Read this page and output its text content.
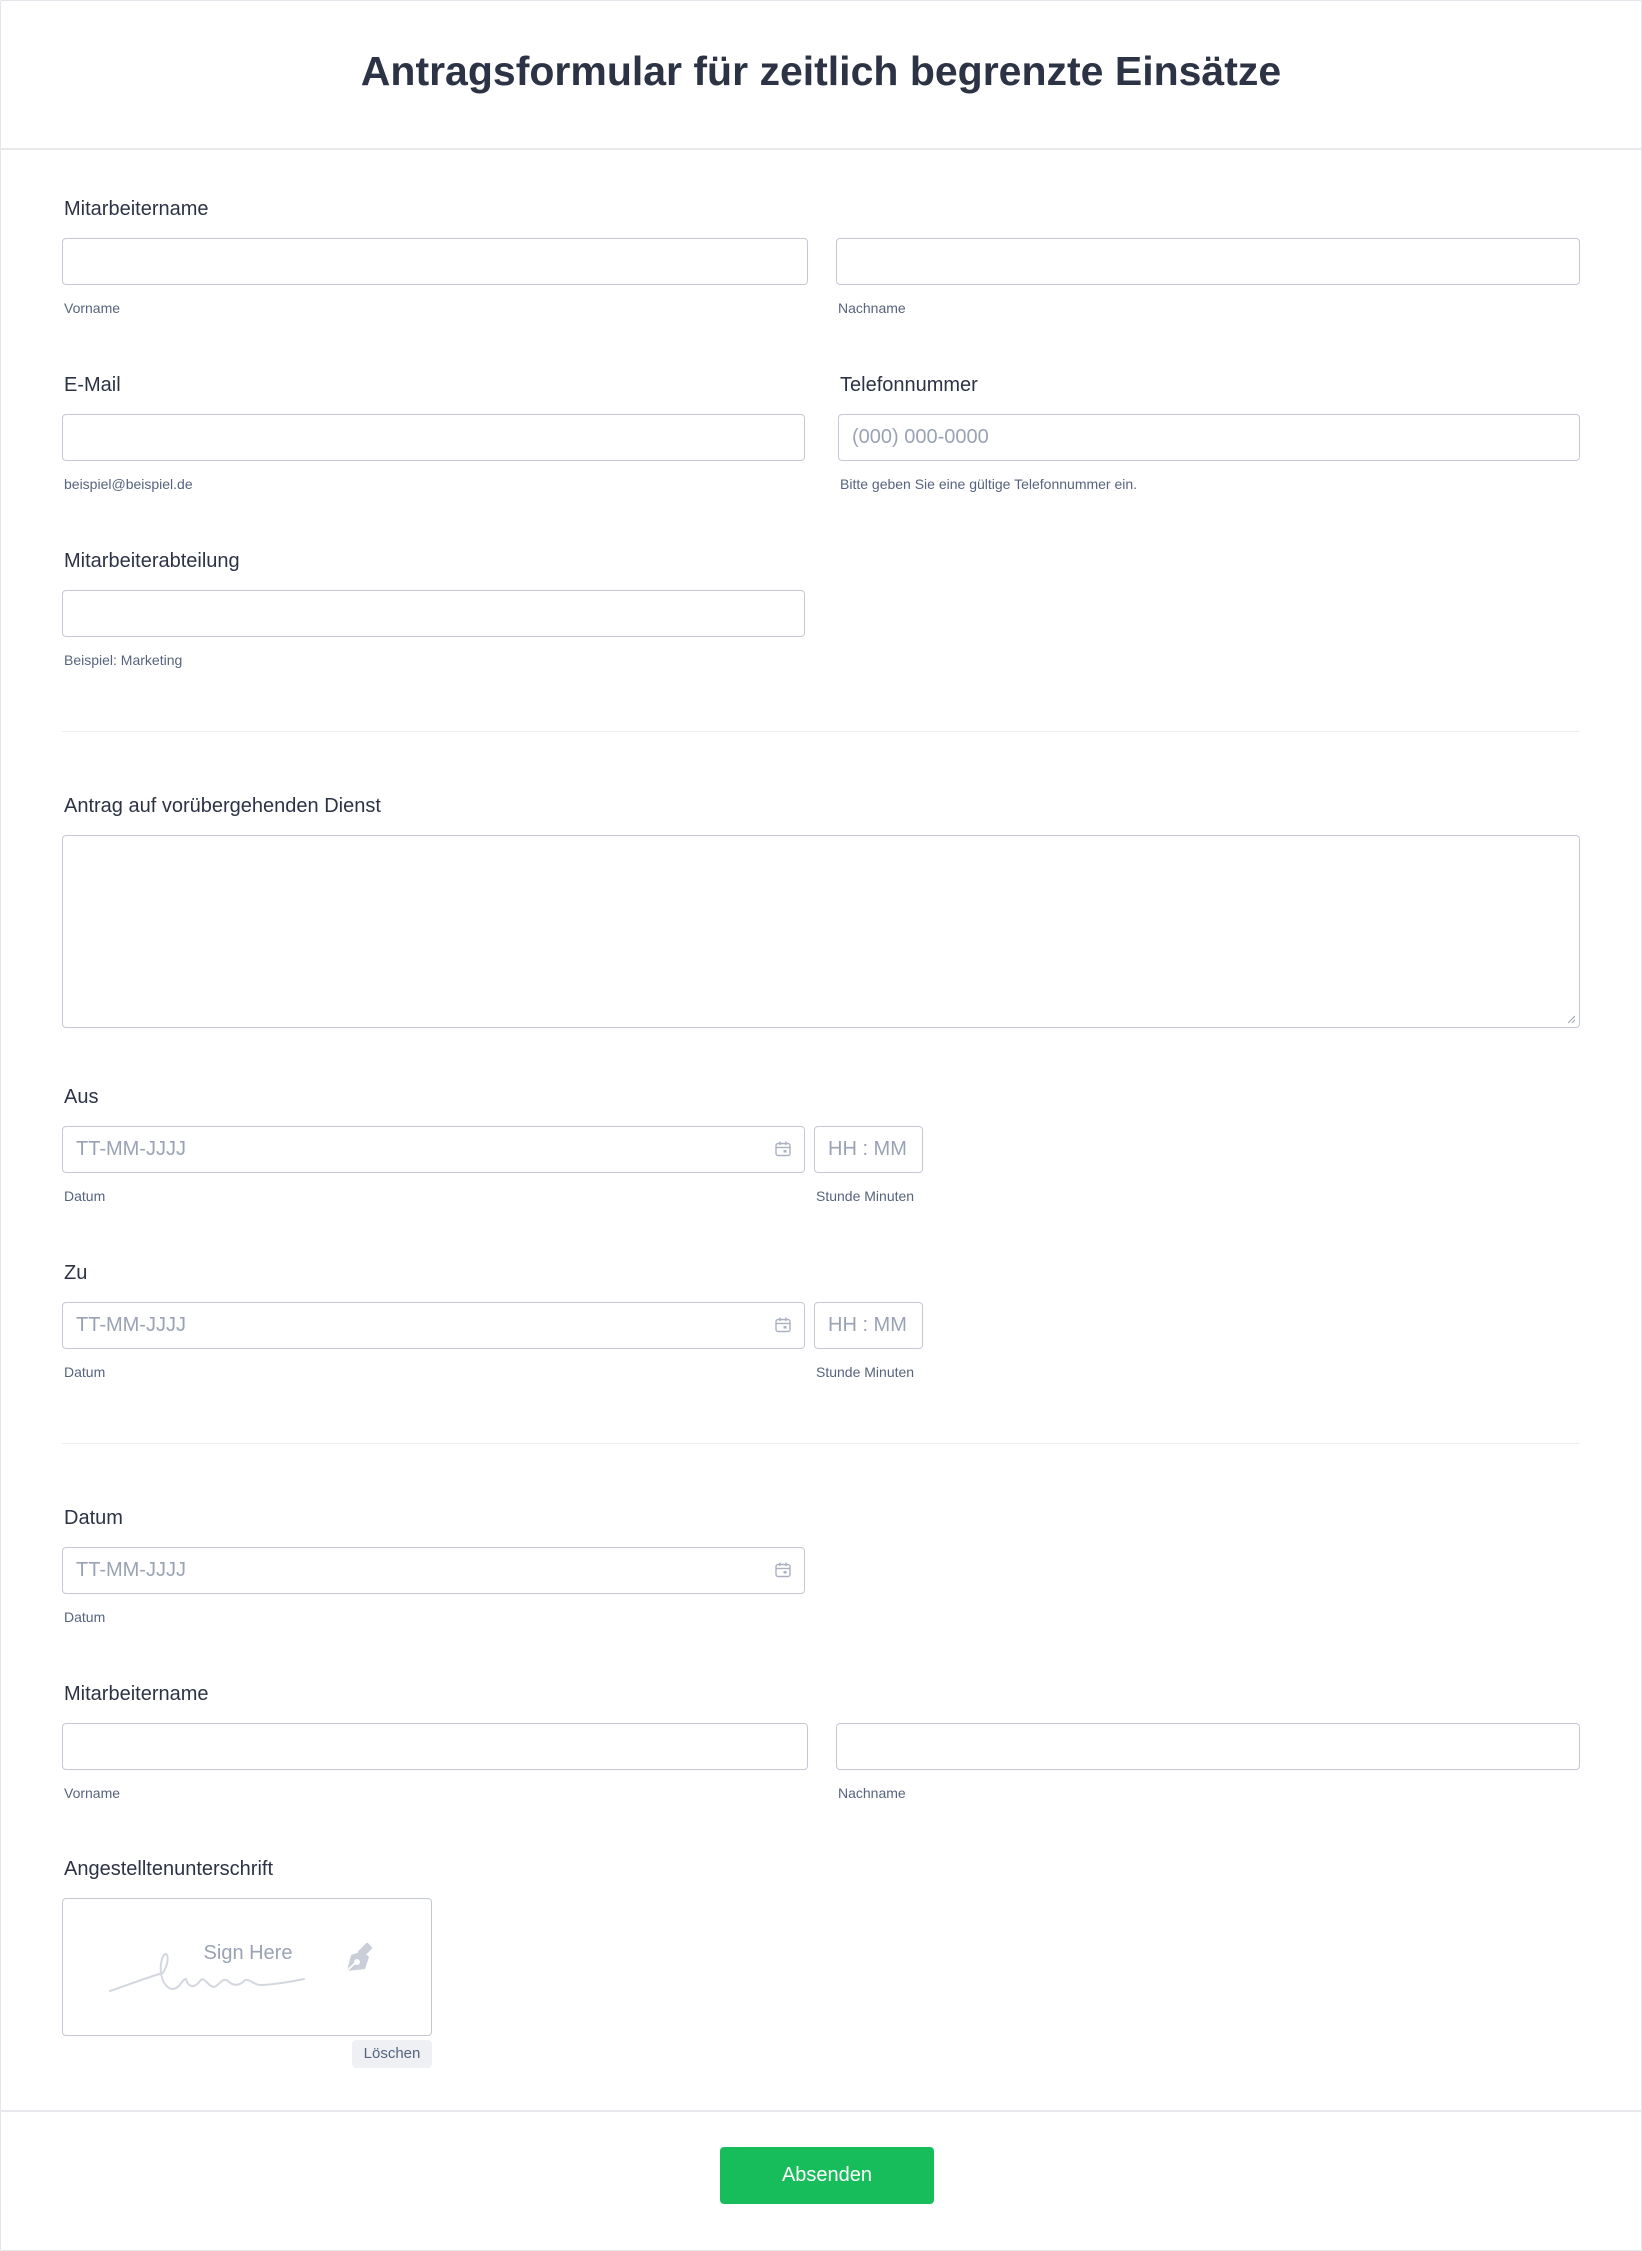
Antragsformular für zeitlich begrenzte Einsätze
Mitarbeitername
Vorname	Nachname
E-Mail	Telefonnummer
(000) 000-0000
beispiel@beispiel.de	Bitte geben Sie eine gültige Telefonnummer ein.
Mitarbeiterabteilung
Beispiel: Marketing
Antrag auf vorübergehenden Dienst
Aus
TT-MM-JJJJ	HH : MM
Datum	Stunde Minuten
Zu
TT-MM-JJJJ	HH : MM
Datum	Stunde Minuten
Datum
TT-MM-JJJJ
Datum
Mitarbeitername
Vorname	Nachname
Angestelltenunterschrift
Sign Here
Löschen
Absenden
